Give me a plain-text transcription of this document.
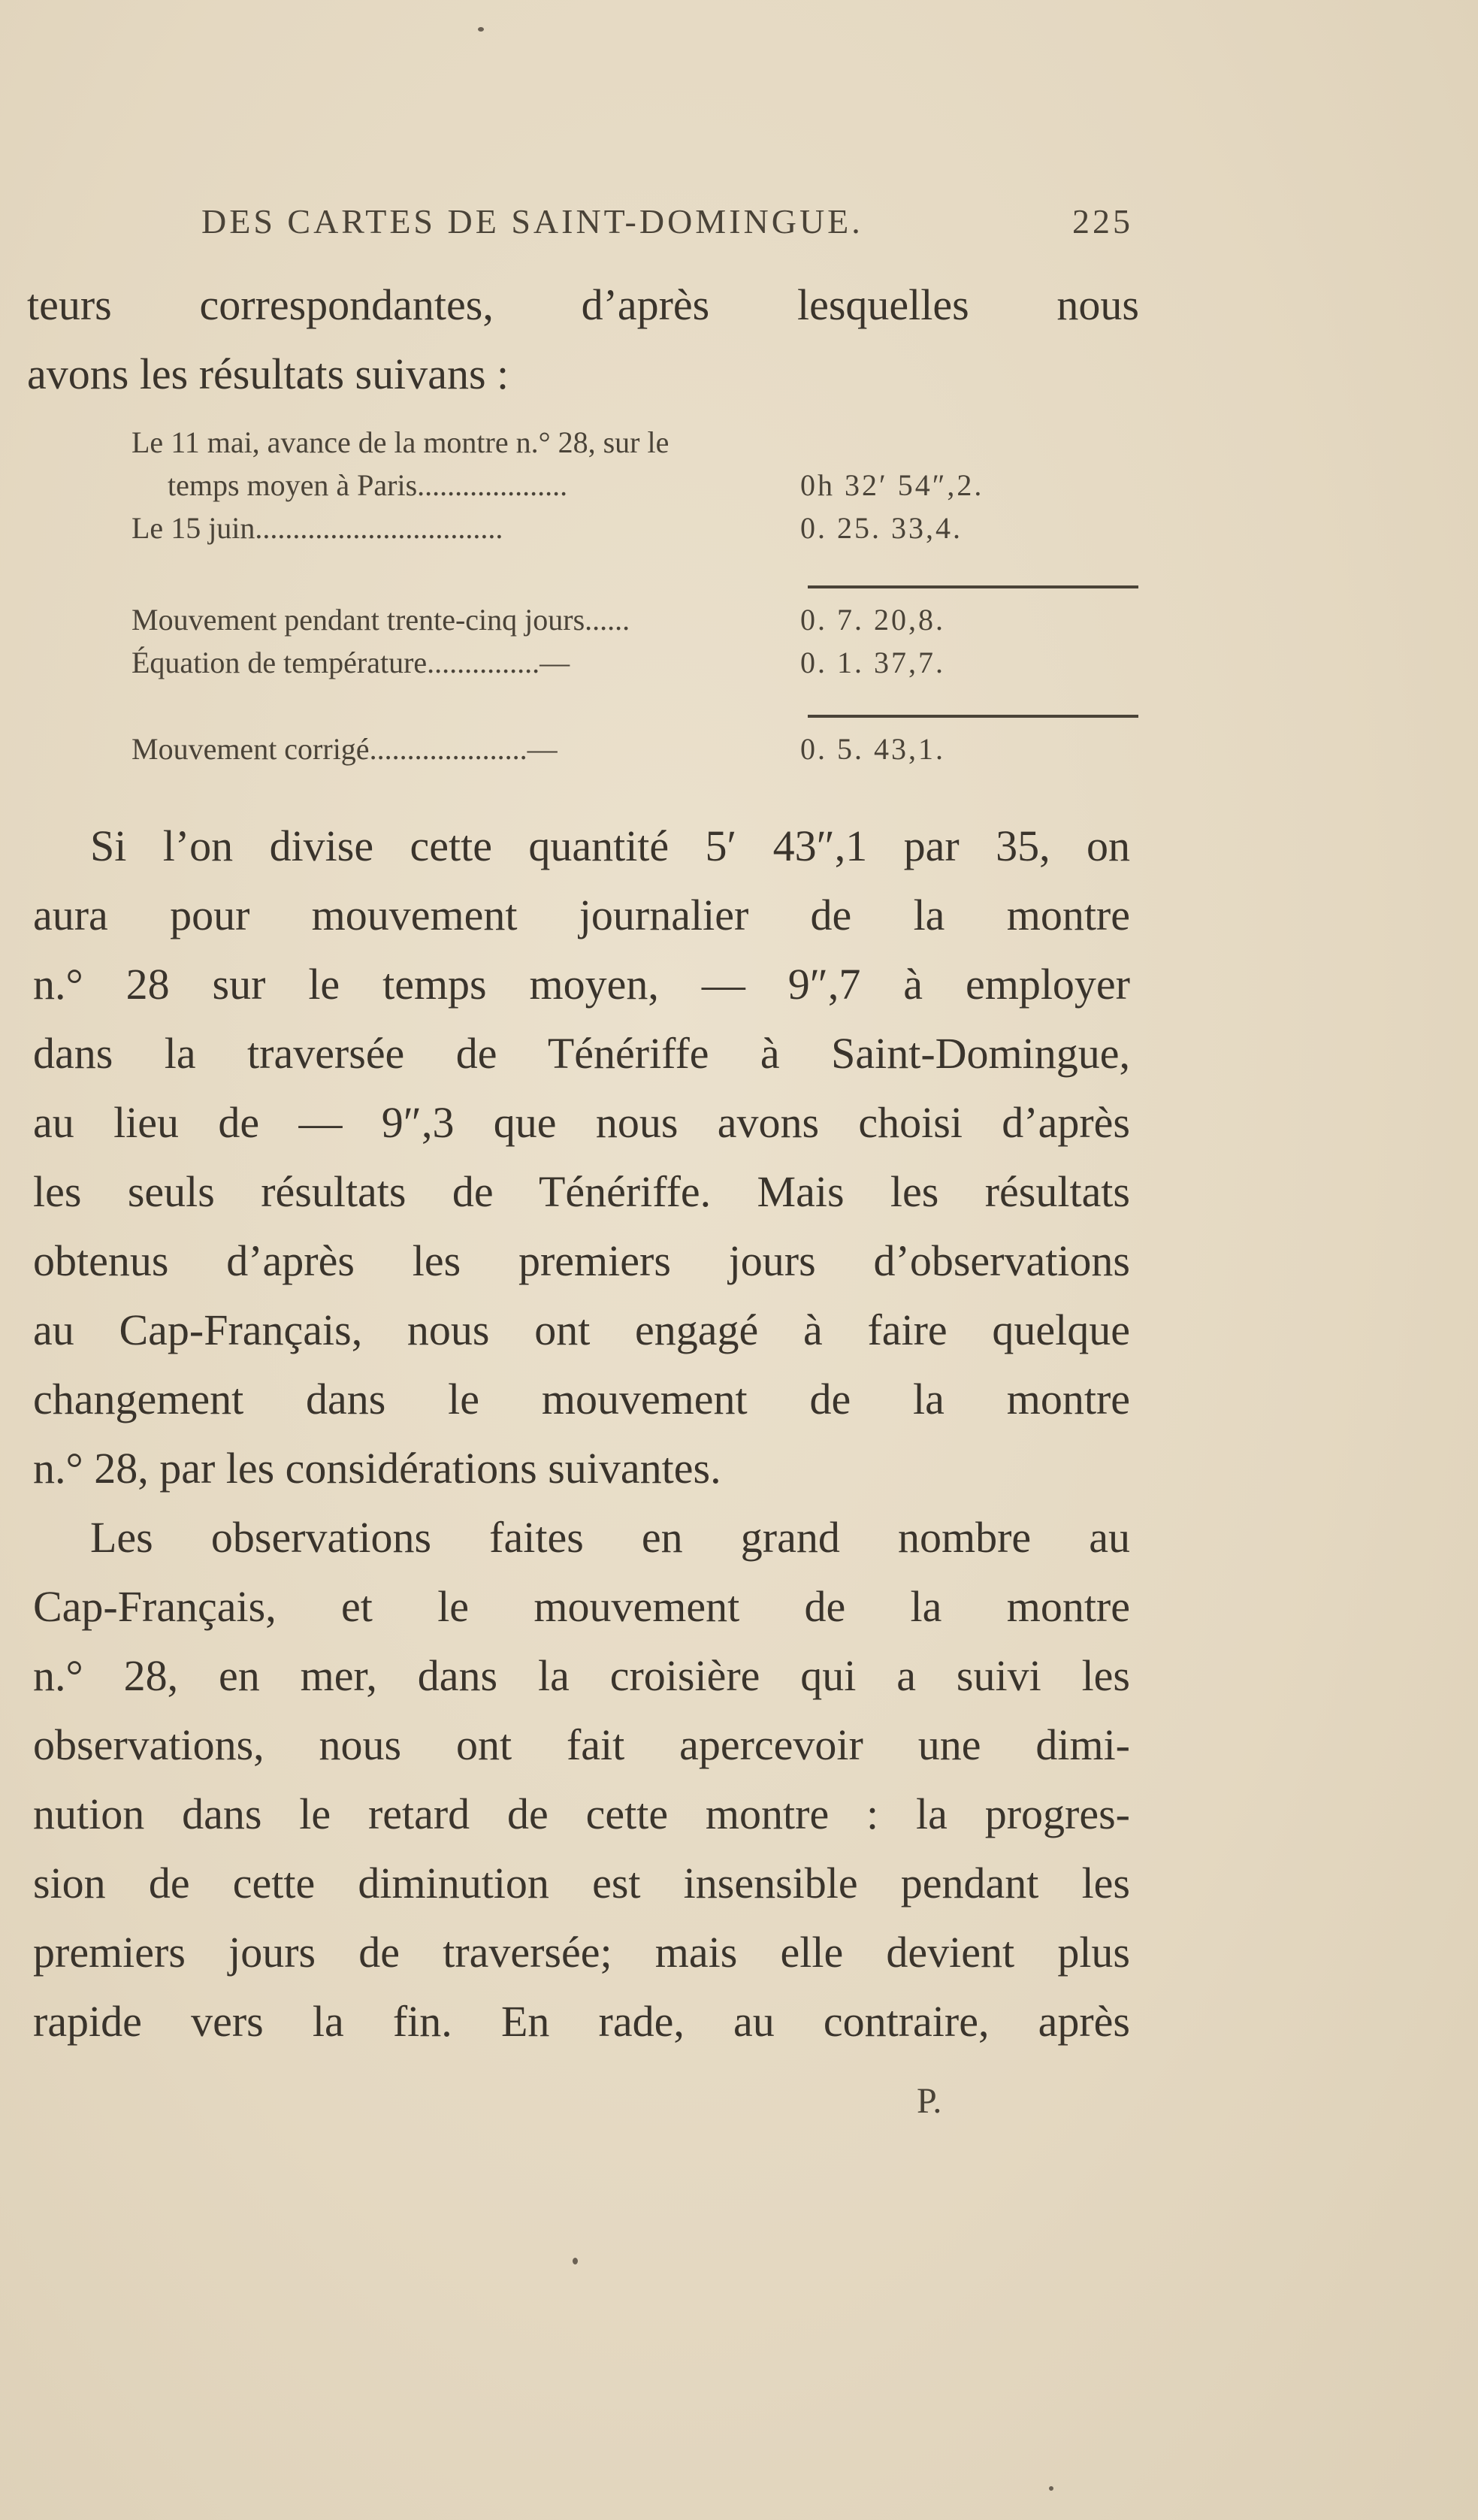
DES CARTES DE SAINT-DOMINGUE.	225
teurs correspondantes, d’après lesquelles nous
avons les résultats suivans :
Le 11 mai, avance de la montre n.° 28, sur le
temps moyen à Paris....................	0h 32′ 54″,2.
Le 15 juin.................................	0. 25. 33,4.
Mouvement pendant trente-cinq jours......	0. 7. 20,8.
Équation de température...............—	0. 1. 37,7.
Mouvement corrigé.....................—	0. 5. 43,1.

Si l’on divise cette quantité 5′ 43″,1 par 35, on
aura pour mouvement journalier de la montre
n.° 28 sur le temps moyen, — 9″,7 à employer
dans la traversée de Ténériffe à Saint-Domingue,
au lieu de — 9″,3 que nous avons choisi d’après
les seuls résultats de Ténériffe. Mais les résultats
obtenus d’après les premiers jours d’observations
au Cap-Français, nous ont engagé à faire quelque
changement dans le mouvement de la montre
n.° 28, par les considérations suivantes.

Les observations faites en grand nombre au
Cap-Français, et le mouvement de la montre
n.° 28, en mer, dans la croisière qui a suivi les
observations, nous ont fait apercevoir une dimi-
nution dans le retard de cette montre : la progres-
sion de cette diminution est insensible pendant les
premiers jours de traversée; mais elle devient plus
rapide vers la fin. En rade, au contraire, après

P.
